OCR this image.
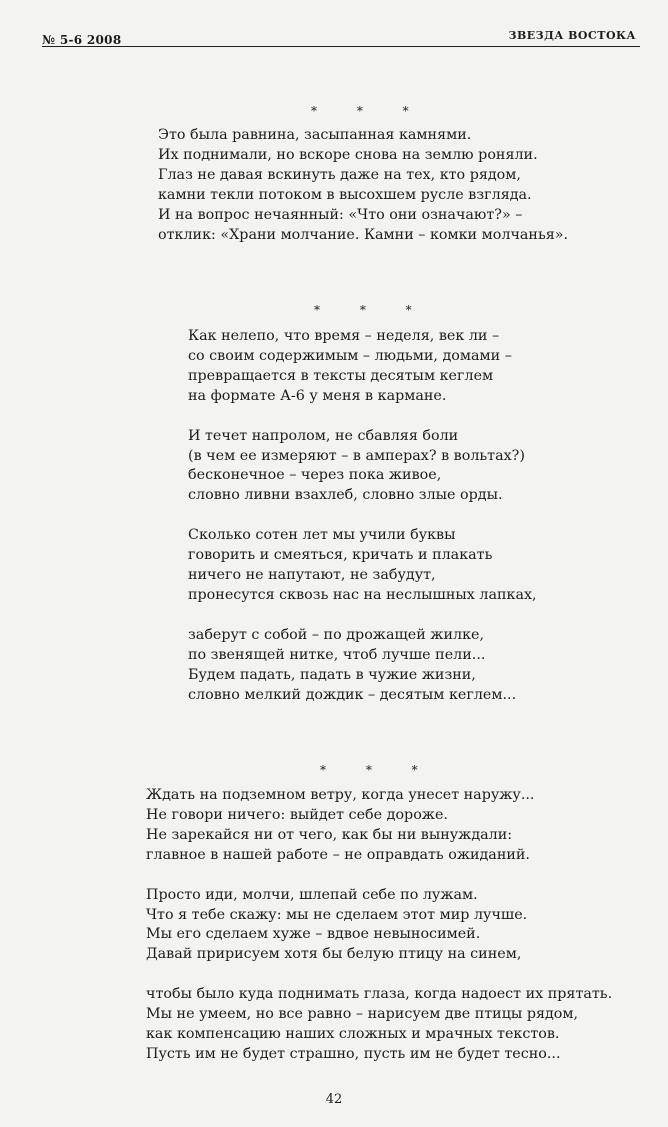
№ 5-6 2008	ЗВЕЗДА ВОСТОКА
* * *
Это была равнина, засыпанная камнями.
Их поднимали, но вскоре снова на землю роняли.
Глаз не давая вскинуть даже на тех, кто рядом,
камни текли потоком в высохшем русле взгляда.
И на вопрос нечаянный: «Что они означают?» –
отклик: «Храни молчание. Камни – комки молчанья».
* * *
Как нелепо, что время – неделя, век ли –
со своим содержимым – людьми, домами –
превращается в тексты десятым кеглем
на формате А-6 у меня в кармане.
И течет напролом, не сбавляя боли
(в чем ее измеряют – в амперах? в вольтах?)
бесконечное – через пока живое,
словно ливни взахлеб, словно злые орды.
Сколько сотен лет мы учили буквы
говорить и смеяться, кричать и плакать
ничего не напутают, не забудут,
пронесутся сквозь нас на неслышных лапках,
заберут с собой – по дрожащей жилке,
по звенящей нитке, чтоб лучше пели...
Будем падать, падать в чужие жизни,
словно мелкий дождик – десятым кеглем...
* * *
Ждать на подземном ветру, когда унесет наружу...
Не говори ничего: выйдет себе дороже.
Не зарекайся ни от чего, как бы ни вынуждали:
главное в нашей работе – не оправдать ожиданий.
Просто иди, молчи, шлепай себе по лужам.
Что я тебе скажу: мы не сделаем этот мир лучше.
Мы его сделаем хуже – вдвое невыносимей.
Давай пририсуем хотя бы белую птицу на синем,
чтобы было куда поднимать глаза, когда надоест их прятать.
Мы не умеем, но все равно – нарисуем две птицы рядом,
как компенсацию наших сложных и мрачных текстов.
Пусть им не будет страшно, пусть им не будет тесно...
42
